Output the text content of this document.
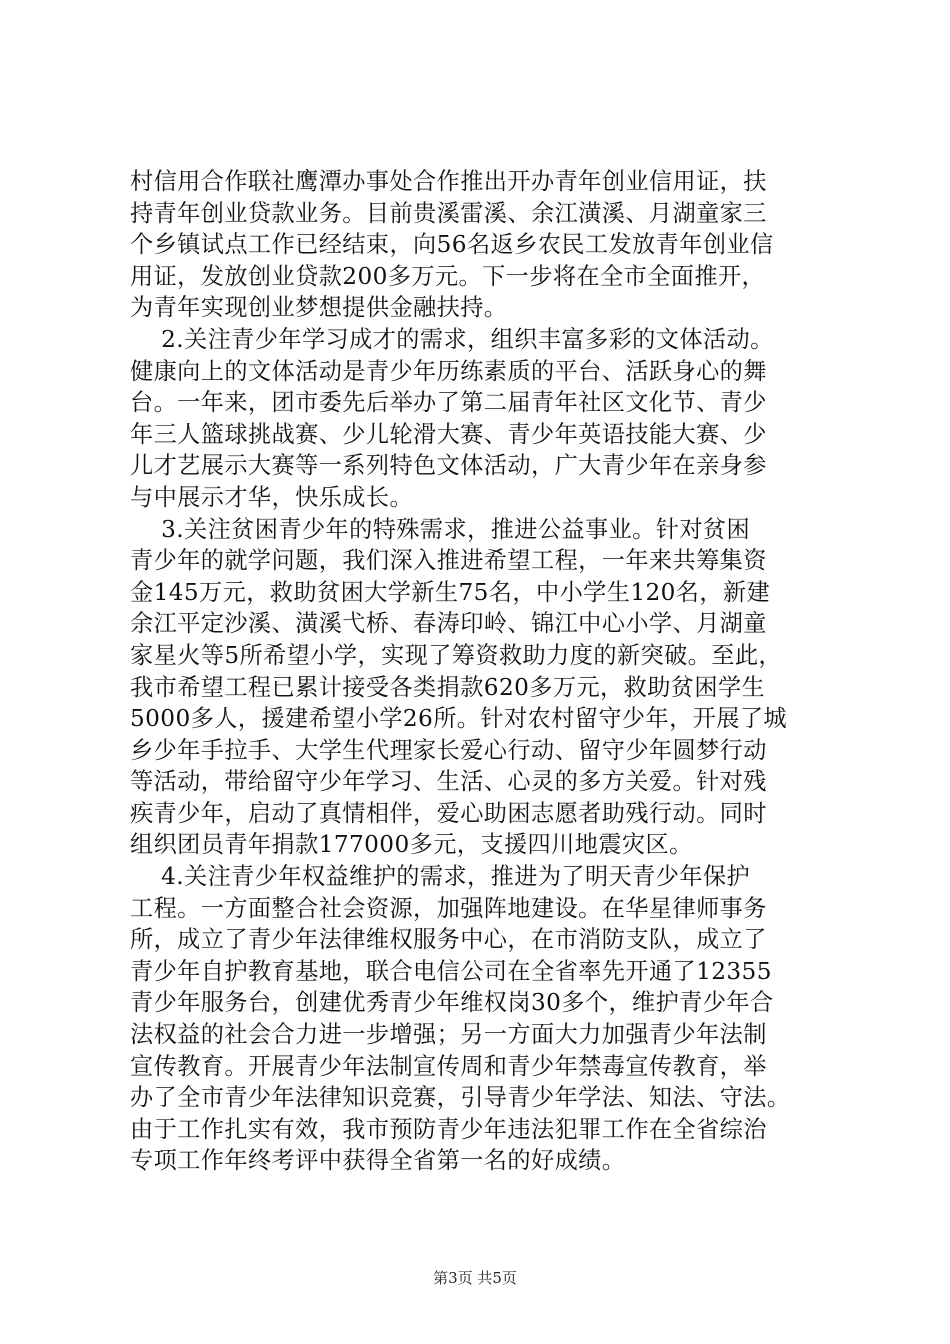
村信用合作联社鹰潭办事处合作推出开办青年创业信用证，扶
持青年创业贷款业务。目前贵溪雷溪、余江潢溪、月湖童家三
个乡镇试点工作已经结束，向56名返乡农民工发放青年创业信
用证，发放创业贷款200多万元。下一步将在全市全面推开，
为青年实现创业梦想提供金融扶持。
2.关注青少年学习成才的需求，组织丰富多彩的文体活动。
健康向上的文体活动是青少年历练素质的平台、活跃身心的舞
台。一年来，团市委先后举办了第二届青年社区文化节、青少
年三人篮球挑战赛、少儿轮滑大赛、青少年英语技能大赛、少
儿才艺展示大赛等一系列特色文体活动，广大青少年在亲身参
与中展示才华，快乐成长。
3.关注贫困青少年的特殊需求，推进公益事业。针对贫困
青少年的就学问题，我们深入推进希望工程，一年来共筹集资
金145万元，救助贫困大学新生75名，中小学生120名，新建
余江平定沙溪、潢溪弋桥、春涛印岭、锦江中心小学、月湖童
家星火等5所希望小学，实现了筹资救助力度的新突破。至此，
我市希望工程已累计接受各类捐款620多万元，救助贫困学生
5000多人，援建希望小学26所。针对农村留守少年，开展了城
乡少年手拉手、大学生代理家长爱心行动、留守少年圆梦行动
等活动，带给留守少年学习、生活、心灵的多方关爱。针对残
疾青少年，启动了真情相伴，爱心助困志愿者助残行动。同时
组织团员青年捐款177000多元，支援四川地震灾区。
4.关注青少年权益维护的需求，推进为了明天青少年保护
工程。一方面整合社会资源，加强阵地建设。在华星律师事务
所，成立了青少年法律维权服务中心，在市消防支队，成立了
青少年自护教育基地，联合电信公司在全省率先开通了12355
青少年服务台，创建优秀青少年维权岗30多个，维护青少年合
法权益的社会合力进一步增强；另一方面大力加强青少年法制
宣传教育。开展青少年法制宣传周和青少年禁毒宣传教育，举
办了全市青少年法律知识竞赛，引导青少年学法、知法、守法。
由于工作扎实有效，我市预防青少年违法犯罪工作在全省综治
专项工作年终考评中获得全省第一名的好成绩。
第3页 共5页
